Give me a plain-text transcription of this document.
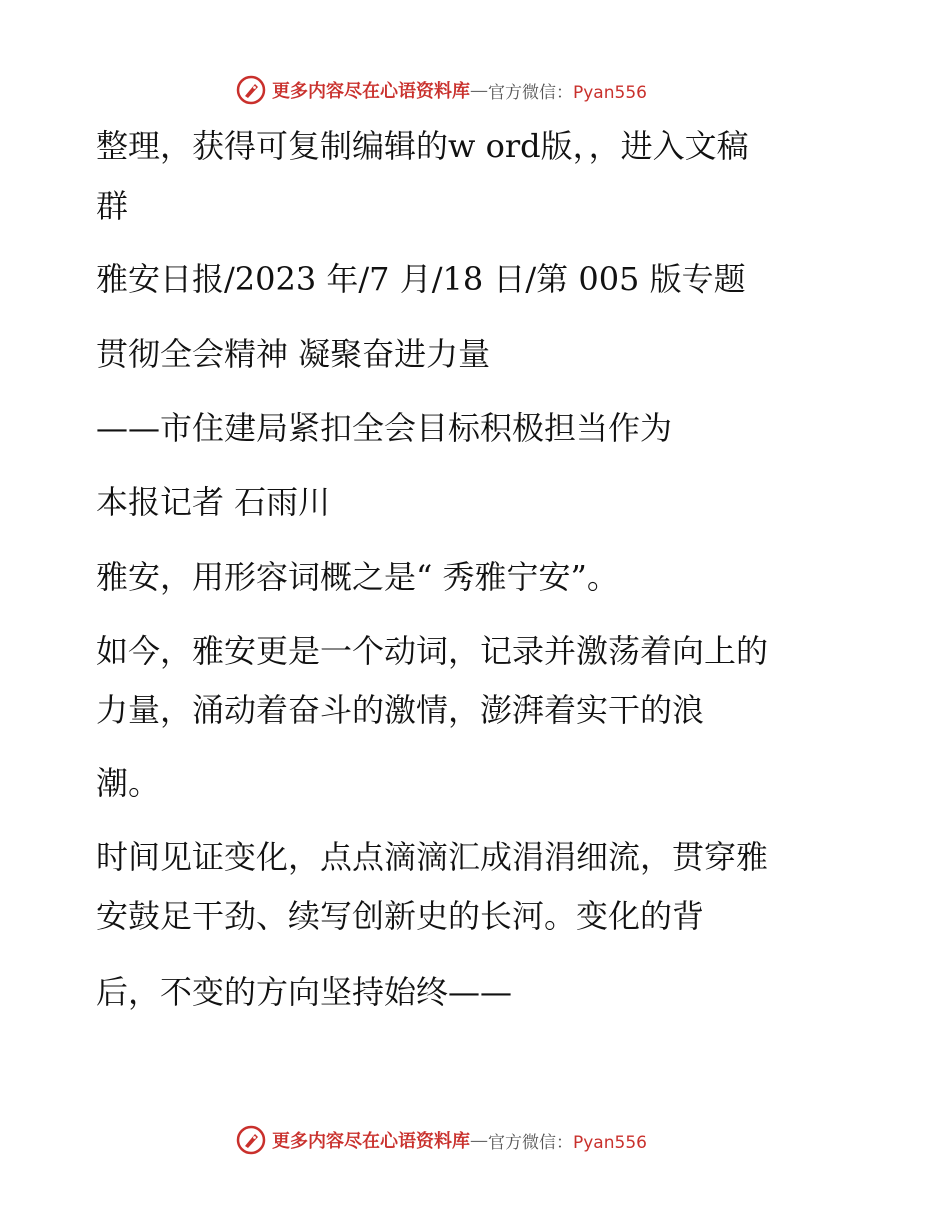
更多内容尽在心语资料库 — 官方微信：Pyan556
整理，获得可复制编辑的w ord版，，进入文稿
群
雅安日报/2023 年/7 月/18 日/第 005 版专题
贯彻全会精神 凝聚奋进力量
——市住建局紧扣全会目标积极担当作为
本报记者 石雨川
雅安，用形容词概之是“ 秀雅宁安”。
如今，雅安更是一个动词，记录并激荡着向上的
力量，涌动着奋斗的激情，澎湃着实干的浪
潮。
时间见证变化，点点滴滴汇成涓涓细流，贯穿雅
安鼓足干劲、续写创新史的长河。变化的背
后，不变的方向坚持始终——
更多内容尽在心语资料库 — 官方微信：Pyan556
